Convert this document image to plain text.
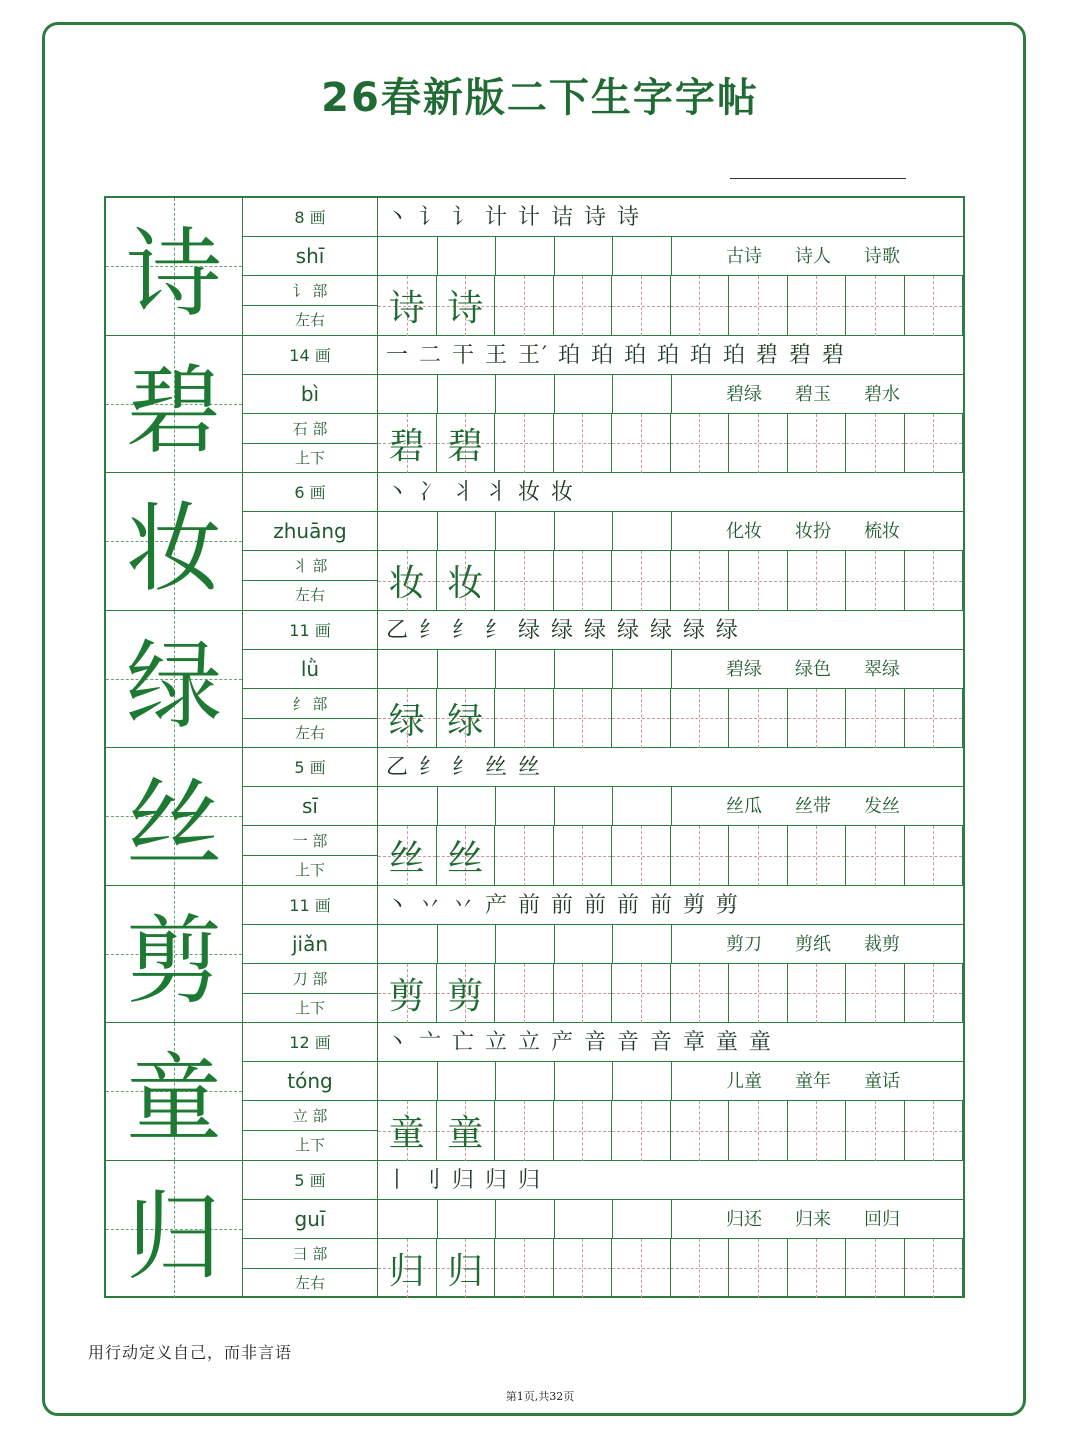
26春新版二下生字字帖
诗
8 画
shī
讠 部
左右
丶 讠 讠 计 计 诘 诗 诗
古诗 诗人 诗歌
诗 诗
碧
14 画
bì
石 部
上下
一 二 干 王 王′ 珀 珀 珀 珀 珀 珀 碧 碧 碧
碧绿 碧玉 碧水
碧 碧
妆
6 画
zhuāng
丬 部
左右
丶 冫 丬 丬 妆 妆
化妆 妆扮 梳妆
妆 妆
绿
11 画
lǜ
纟 部
左右
乙 纟 纟 纟 绿 绿 绿 绿 绿 绿 绿
碧绿 绿色 翠绿
绿 绿
丝
5 画
sī
一 部
上下
乙 纟 纟 丝 丝
丝瓜 丝带 发丝
丝 丝
剪
11 画
jiǎn
刀 部
上下
丶 丷 丷 产 前 前 前 前 前 剪 剪
剪刀 剪纸 裁剪
剪 剪
童
12 画
tóng
立 部
上下
丶 亠 亡 立 立 产 音 音 音 章 童 童
儿童 童年 童话
童 童
归
5 画
guī
彐 部
左右
丨 刂 归 归 归
归还 归来 回归
归 归
用行动定义自己，而非言语
第1页,共32页
